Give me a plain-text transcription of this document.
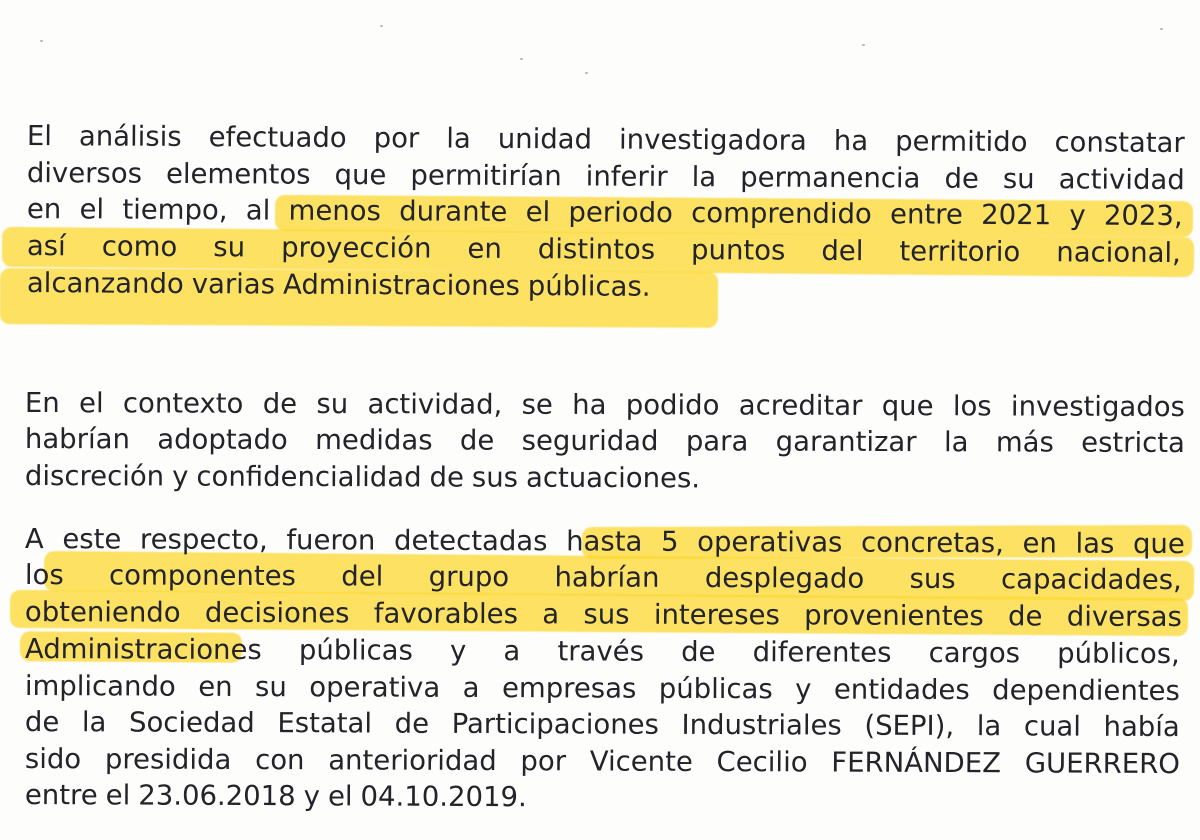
El análisis efectuado por la unidad investigadora ha permitido constatar
diversos elementos que permitirían inferir la permanencia de su actividad
en el tiempo, al menos durante el periodo comprendido entre 2021 y 2023,
así como su proyección en distintos puntos del territorio nacional,
alcanzando varias Administraciones públicas.
En el contexto de su actividad, se ha podido acreditar que los investigados
habrían adoptado medidas de seguridad para garantizar la más estricta
discreción y confidencialidad de sus actuaciones.
A este respecto, fueron detectadas hasta 5 operativas concretas, en las que
los componentes del grupo habrían desplegado sus capacidades,
obteniendo decisiones favorables a sus intereses provenientes de diversas
Administraciones públicas y a través de diferentes cargos públicos,
implicando en su operativa a empresas públicas y entidades dependientes
de la Sociedad Estatal de Participaciones Industriales (SEPI), la cual había
sido presidida con anterioridad por Vicente Cecilio FERNÁNDEZ GUERRERO
entre el 23.06.2018 y el 04.10.2019.
